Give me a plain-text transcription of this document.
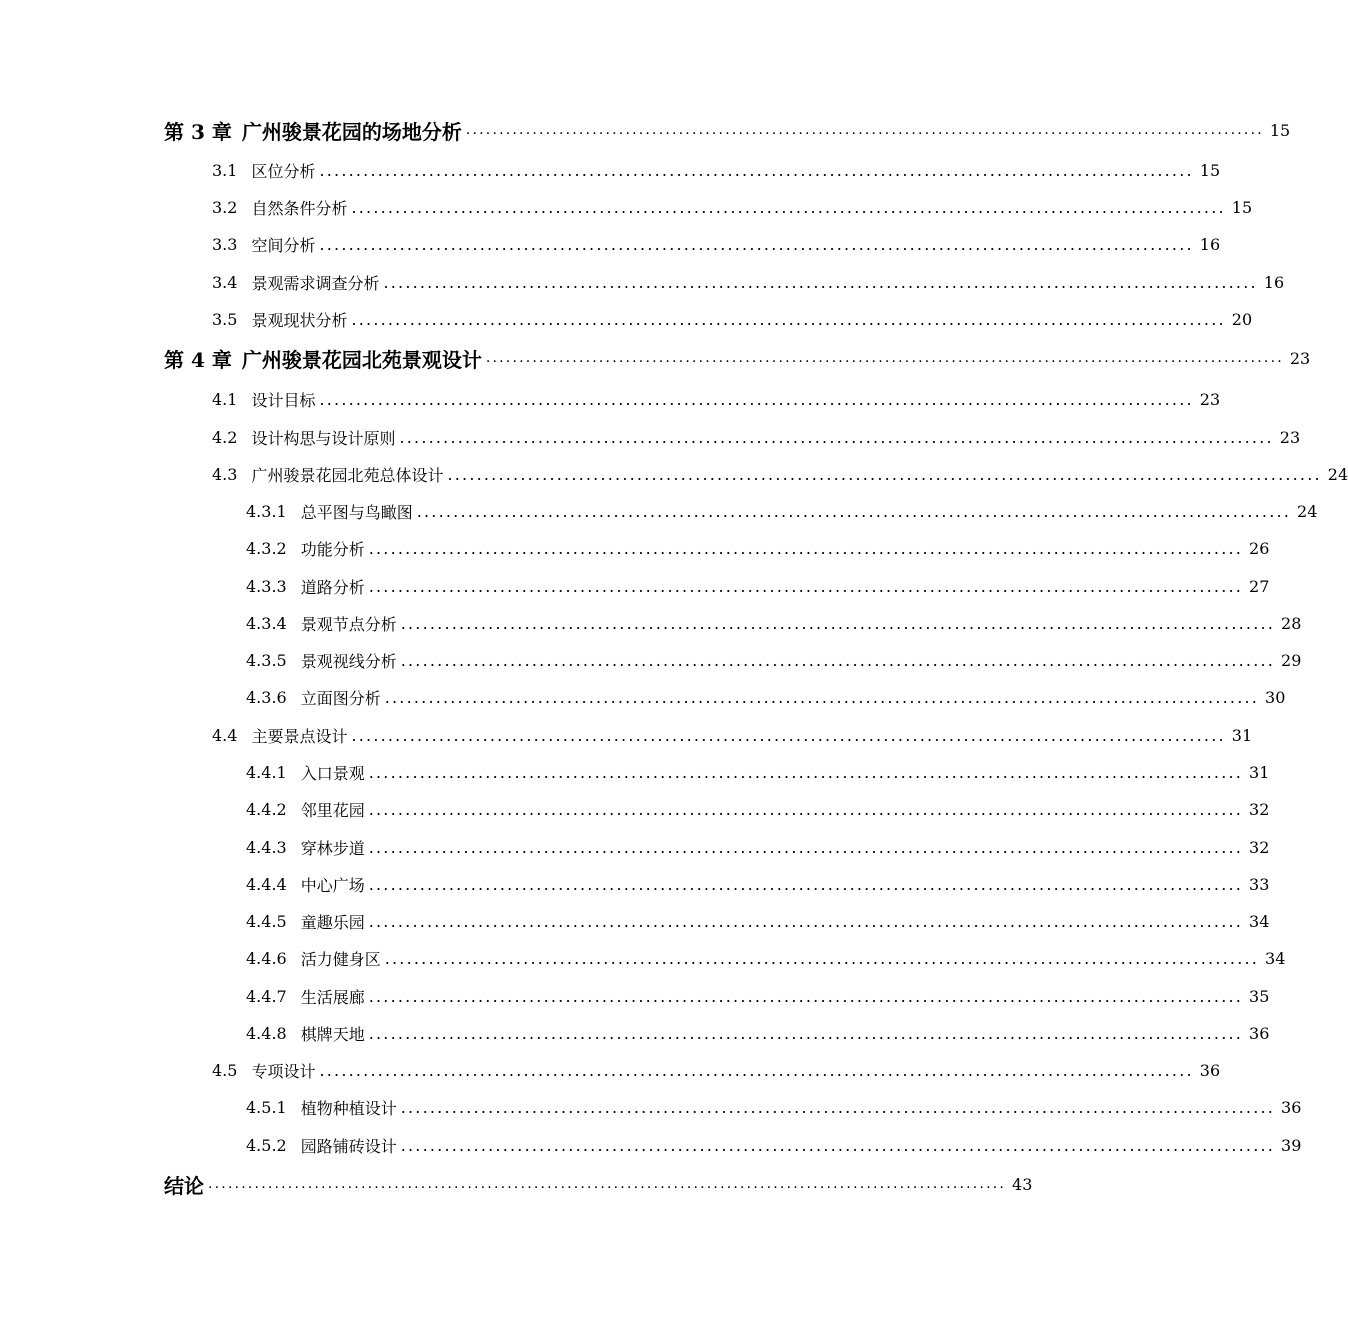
第 3 章 广州骏景花园的场地分析 ........................................................................................................................ 15
3.1 区位分析 ........................................................................................................................ 15
3.2 自然条件分析 ........................................................................................................................ 15
3.3 空间分析 ........................................................................................................................ 16
3.4 景观需求调查分析 ........................................................................................................................ 16
3.5 景观现状分析 ........................................................................................................................ 20
第 4 章 广州骏景花园北苑景观设计 ........................................................................................................................ 23
4.1 设计目标 ........................................................................................................................ 23
4.2 设计构思与设计原则 ........................................................................................................................ 23
4.3 广州骏景花园北苑总体设计 ........................................................................................................................ 24
4.3.1 总平图与鸟瞰图 ........................................................................................................................ 24
4.3.2 功能分析 ........................................................................................................................ 26
4.3.3 道路分析 ........................................................................................................................ 27
4.3.4 景观节点分析 ........................................................................................................................ 28
4.3.5 景观视线分析 ........................................................................................................................ 29
4.3.6 立面图分析 ........................................................................................................................ 30
4.4 主要景点设计 ........................................................................................................................ 31
4.4.1 入口景观 ........................................................................................................................ 31
4.4.2 邻里花园 ........................................................................................................................ 32
4.4.3 穿林步道 ........................................................................................................................ 32
4.4.4 中心广场 ........................................................................................................................ 33
4.4.5 童趣乐园 ........................................................................................................................ 34
4.4.6 活力健身区 ........................................................................................................................ 34
4.4.7 生活展廊 ........................................................................................................................ 35
4.4.8 棋牌天地 ........................................................................................................................ 36
4.5 专项设计 ........................................................................................................................ 36
4.5.1 植物种植设计 ........................................................................................................................ 36
4.5.2 园路铺砖设计 ........................................................................................................................ 39
结论 ........................................................................................................................ 43
